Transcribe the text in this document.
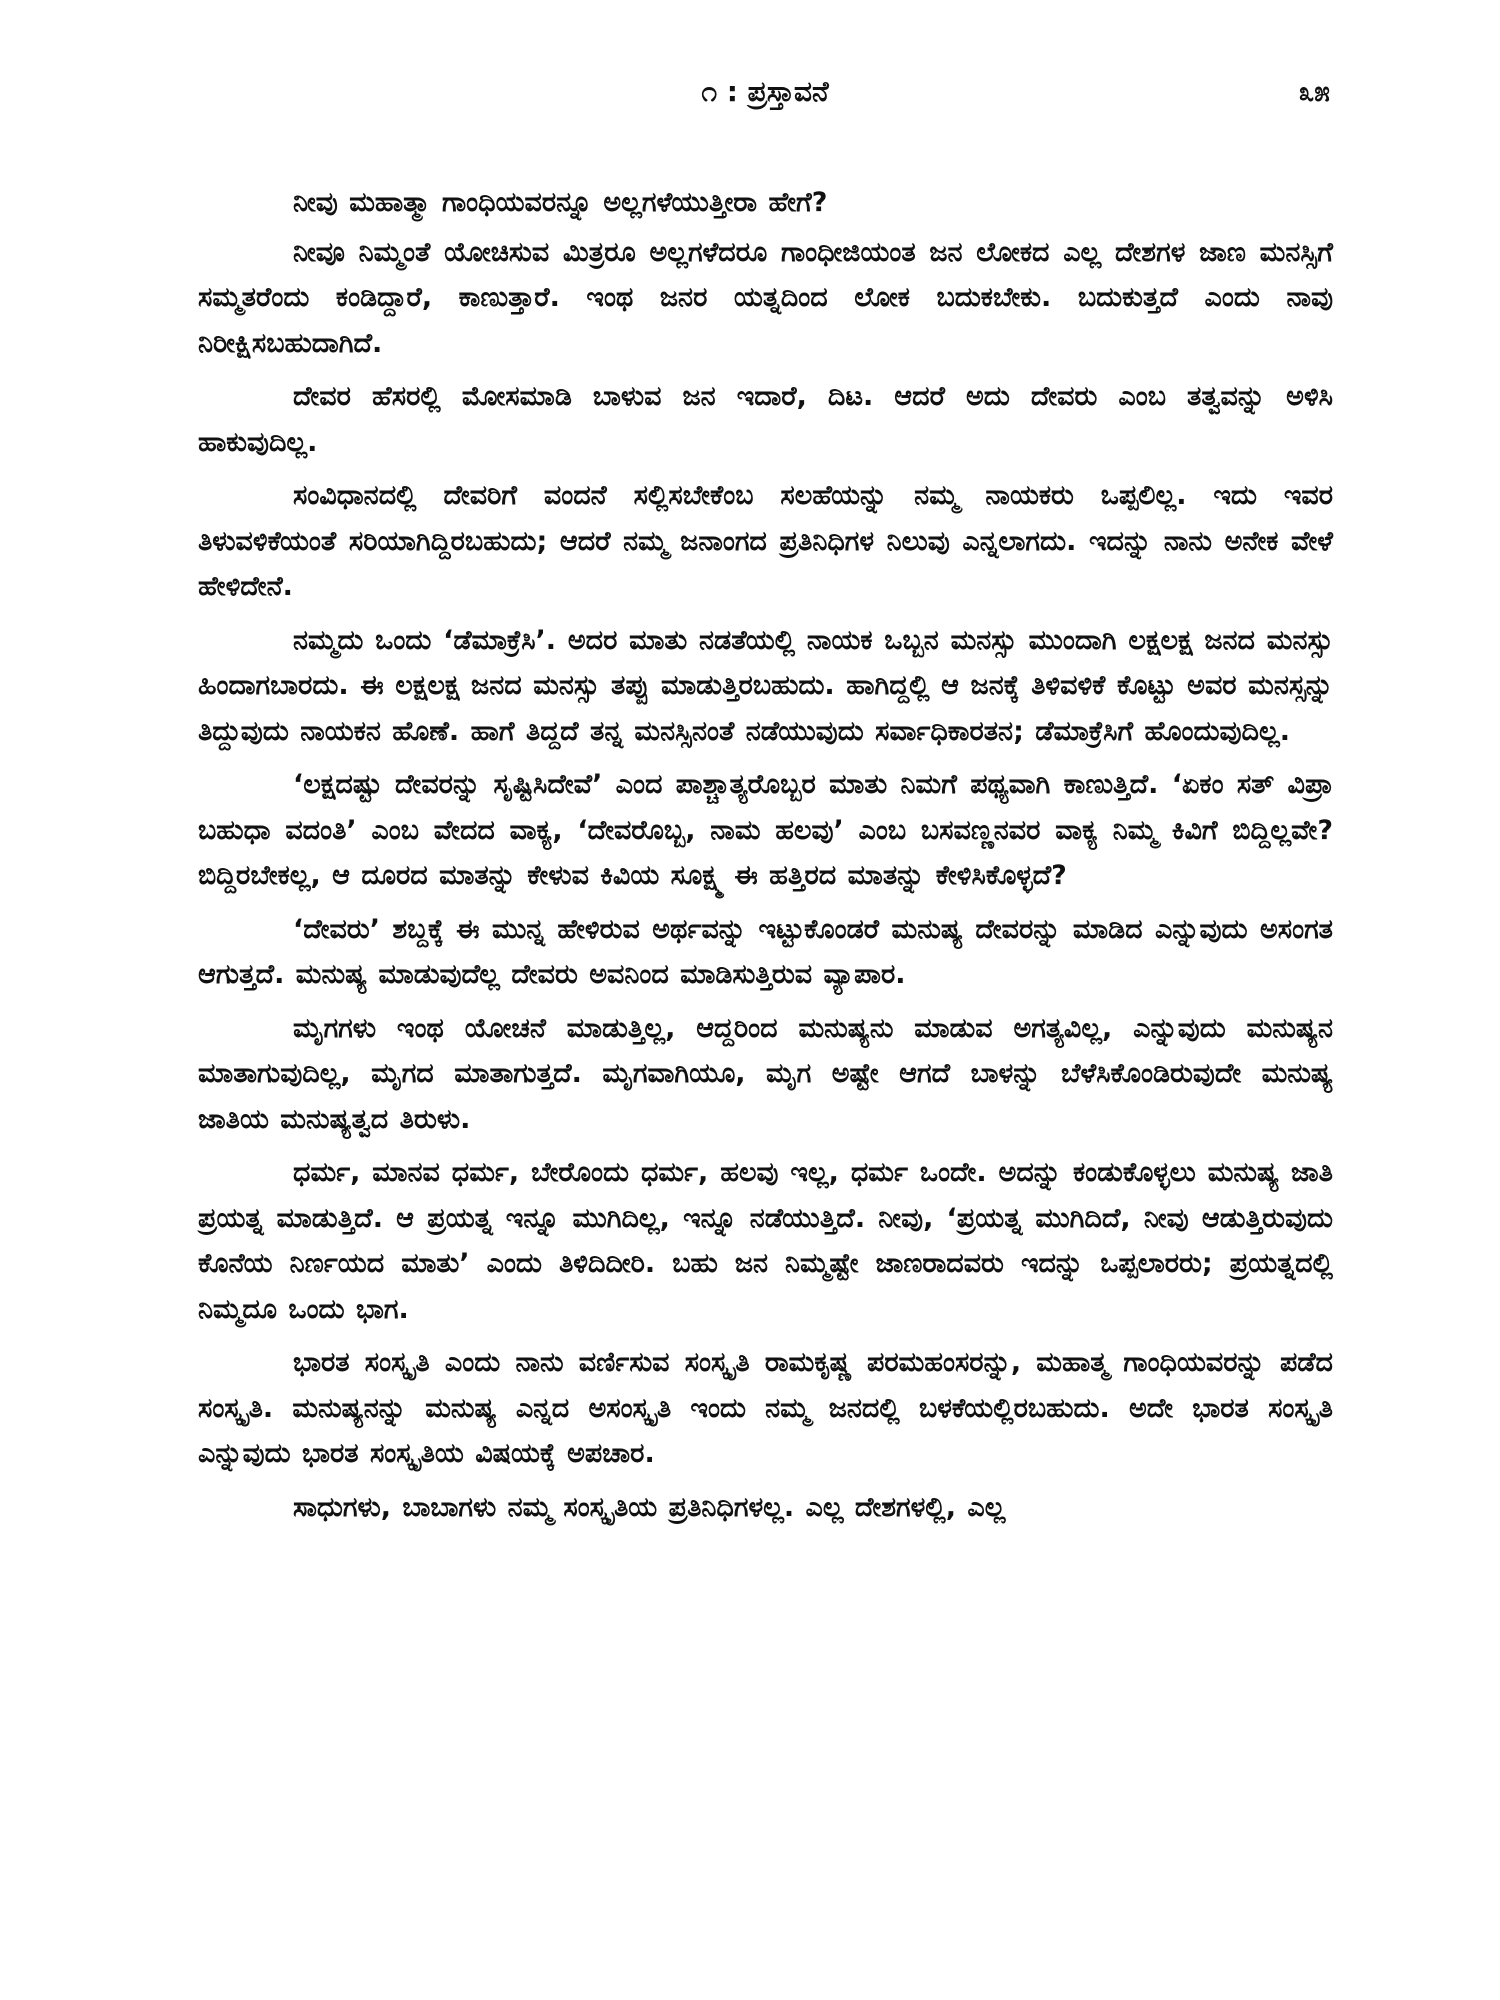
೧ : ಪ್ರಸ್ತಾವನೆ	೩೫

ನೀವು ಮಹಾತ್ಮಾ ಗಾಂಧಿಯವರನ್ನೂ ಅಲ್ಲಗಳೆಯುತ್ತೀರಾ ಹೇಗೆ?

ನೀವೂ ನಿಮ್ಮಂತೆ ಯೋಚಿಸುವ ಮಿತ್ರರೂ ಅಲ್ಲಗಳೆದರೂ ಗಾಂಧೀಜಿಯಂತ ಜನ ಲೋಕದ ಎಲ್ಲ ದೇಶಗಳ ಜಾಣ ಮನಸ್ಸಿಗೆ ಸಮ್ಮತರೆಂದು ಕಂಡಿದ್ದಾರೆ, ಕಾಣುತ್ತಾರೆ. ಇಂಥ ಜನರ ಯತ್ನದಿಂದ ಲೋಕ ಬದುಕಬೇಕು. ಬದುಕುತ್ತದೆ ಎಂದು ನಾವು ನಿರೀಕ್ಷಿಸಬಹುದಾಗಿದೆ.

ದೇವರ ಹೆಸರಲ್ಲಿ ಮೋಸಮಾಡಿ ಬಾಳುವ ಜನ ಇದಾರೆ, ದಿಟ. ಆದರೆ ಅದು ದೇವರು ಎಂಬ ತತ್ವವನ್ನು ಅಳಿಸಿ ಹಾಕುವುದಿಲ್ಲ.

ಸಂವಿಧಾನದಲ್ಲಿ ದೇವರಿಗೆ ವಂದನೆ ಸಲ್ಲಿಸಬೇಕೆಂಬ ಸಲಹೆಯನ್ನು ನಮ್ಮ ನಾಯಕರು ಒಪ್ಪಲಿಲ್ಲ. ಇದು ಇವರ ತಿಳುವಳಿಕೆಯಂತೆ ಸರಿಯಾಗಿದ್ದಿರಬಹುದು; ಆದರೆ ನಮ್ಮ ಜನಾಂಗದ ಪ್ರತಿನಿಧಿಗಳ ನಿಲುವು ಎನ್ನಲಾಗದು. ಇದನ್ನು ನಾನು ಅನೇಕ ವೇಳೆ ಹೇಳಿದೇನೆ.

ನಮ್ಮದು ಒಂದು ‘ಡೆಮಾಕ್ರೆಸಿ’. ಅದರ ಮಾತು ನಡತೆಯಲ್ಲಿ ನಾಯಕ ಒಬ್ಬನ ಮನಸ್ಸು ಮುಂದಾಗಿ ಲಕ್ಷಲಕ್ಷ ಜನದ ಮನಸ್ಸು ಹಿಂದಾಗಬಾರದು. ಈ ಲಕ್ಷಲಕ್ಷ ಜನದ ಮನಸ್ಸು ತಪ್ಪು ಮಾಡುತ್ತಿರಬಹುದು. ಹಾಗಿದ್ದಲ್ಲಿ ಆ ಜನಕ್ಕೆ ತಿಳಿವಳಿಕೆ ಕೊಟ್ಟು ಅವರ ಮನಸ್ಸನ್ನು ತಿದ್ದುವುದು ನಾಯಕನ ಹೊಣೆ. ಹಾಗೆ ತಿದ್ದದೆ ತನ್ನ ಮನಸ್ಸಿನಂತೆ ನಡೆಯುವುದು ಸರ್ವಾಧಿಕಾರತನ; ಡೆಮಾಕ್ರೆಸಿಗೆ ಹೊಂದುವುದಿಲ್ಲ.

‘ಲಕ್ಷದಷ್ಟು ದೇವರನ್ನು ಸೃಷ್ಟಿಸಿದೇವೆ’ ಎಂದ ಪಾಶ್ಚಾತ್ಯರೊಬ್ಬರ ಮಾತು ನಿಮಗೆ ಪಥ್ಯವಾಗಿ ಕಾಣುತ್ತಿದೆ. ‘ಏಕಂ ಸತ್ ವಿಪ್ರಾ ಬಹುಧಾ ವದಂತಿ’ ಎಂಬ ವೇದದ ವಾಕ್ಯ, ‘ದೇವರೊಬ್ಬ, ನಾಮ ಹಲವು’ ಎಂಬ ಬಸವಣ್ಣನವರ ವಾಕ್ಯ ನಿಮ್ಮ ಕಿವಿಗೆ ಬಿದ್ದಿಲ್ಲವೇ? ಬಿದ್ದಿರಬೇಕಲ್ಲ, ಆ ದೂರದ ಮಾತನ್ನು ಕೇಳುವ ಕಿವಿಯ ಸೂಕ್ಷ್ಮ ಈ ಹತ್ತಿರದ ಮಾತನ್ನು ಕೇಳಿಸಿಕೊಳ್ಳದೆ?

‘ದೇವರು’ ಶಬ್ದಕ್ಕೆ ಈ ಮುನ್ನ ಹೇಳಿರುವ ಅರ್ಥವನ್ನು ಇಟ್ಟುಕೊಂಡರೆ ಮನುಷ್ಯ ದೇವರನ್ನು ಮಾಡಿದ ಎನ್ನುವುದು ಅಸಂಗತ ಆಗುತ್ತದೆ. ಮನುಷ್ಯ ಮಾಡುವುದೆಲ್ಲ ದೇವರು ಅವನಿಂದ ಮಾಡಿಸುತ್ತಿರುವ ವ್ಯಾಪಾರ.

ಮೃಗಗಳು ಇಂಥ ಯೋಚನೆ ಮಾಡುತ್ತಿಲ್ಲ, ಆದ್ದರಿಂದ ಮನುಷ್ಯನು ಮಾಡುವ ಅಗತ್ಯವಿಲ್ಲ, ಎನ್ನುವುದು ಮನುಷ್ಯನ ಮಾತಾಗುವುದಿಲ್ಲ, ಮೃಗದ ಮಾತಾಗುತ್ತದೆ. ಮೃಗವಾಗಿಯೂ, ಮೃಗ ಅಷ್ಟೇ ಆಗದೆ ಬಾಳನ್ನು ಬೆಳೆಸಿಕೊಂಡಿರುವುದೇ ಮನುಷ್ಯ ಜಾತಿಯ ಮನುಷ್ಯತ್ವದ ತಿರುಳು.

ಧರ್ಮ, ಮಾನವ ಧರ್ಮ, ಬೇರೊಂದು ಧರ್ಮ, ಹಲವು ಇಲ್ಲ, ಧರ್ಮ ಒಂದೇ. ಅದನ್ನು ಕಂಡುಕೊಳ್ಳಲು ಮನುಷ್ಯ ಜಾತಿ ಪ್ರಯತ್ನ ಮಾಡುತ್ತಿದೆ. ಆ ಪ್ರಯತ್ನ ಇನ್ನೂ ಮುಗಿದಿಲ್ಲ, ಇನ್ನೂ ನಡೆಯುತ್ತಿದೆ. ನೀವು, ‘ಪ್ರಯತ್ನ ಮುಗಿದಿದೆ, ನೀವು ಆಡುತ್ತಿರುವುದು ಕೊನೆಯ ನಿರ್ಣಯದ ಮಾತು’ ಎಂದು ತಿಳಿದಿದೀರಿ. ಬಹು ಜನ ನಿಮ್ಮಷ್ಟೇ ಜಾಣರಾದವರು ಇದನ್ನು ಒಪ್ಪಲಾರರು; ಪ್ರಯತ್ನದಲ್ಲಿ ನಿಮ್ಮದೂ ಒಂದು ಭಾಗ.

ಭಾರತ ಸಂಸ್ಕೃತಿ ಎಂದು ನಾನು ವರ್ಣಿಸುವ ಸಂಸ್ಕೃತಿ ರಾಮಕೃಷ್ಣ ಪರಮಹಂಸರನ್ನು, ಮಹಾತ್ಮ ಗಾಂಧಿಯವರನ್ನು ಪಡೆದ ಸಂಸ್ಕೃತಿ. ಮನುಷ್ಯನನ್ನು ಮನುಷ್ಯ ಎನ್ನದ ಅಸಂಸ್ಕೃತಿ ಇಂದು ನಮ್ಮ ಜನದಲ್ಲಿ ಬಳಕೆಯಲ್ಲಿರಬಹುದು. ಅದೇ ಭಾರತ ಸಂಸ್ಕೃತಿ ಎನ್ನುವುದು ಭಾರತ ಸಂಸ್ಕೃತಿಯ ವಿಷಯಕ್ಕೆ ಅಪಚಾರ.

ಸಾಧುಗಳು, ಬಾಬಾಗಳು ನಮ್ಮ ಸಂಸ್ಕೃತಿಯ ಪ್ರತಿನಿಧಿಗಳಲ್ಲ. ಎಲ್ಲ ದೇಶಗಳಲ್ಲಿ, ಎಲ್ಲ
